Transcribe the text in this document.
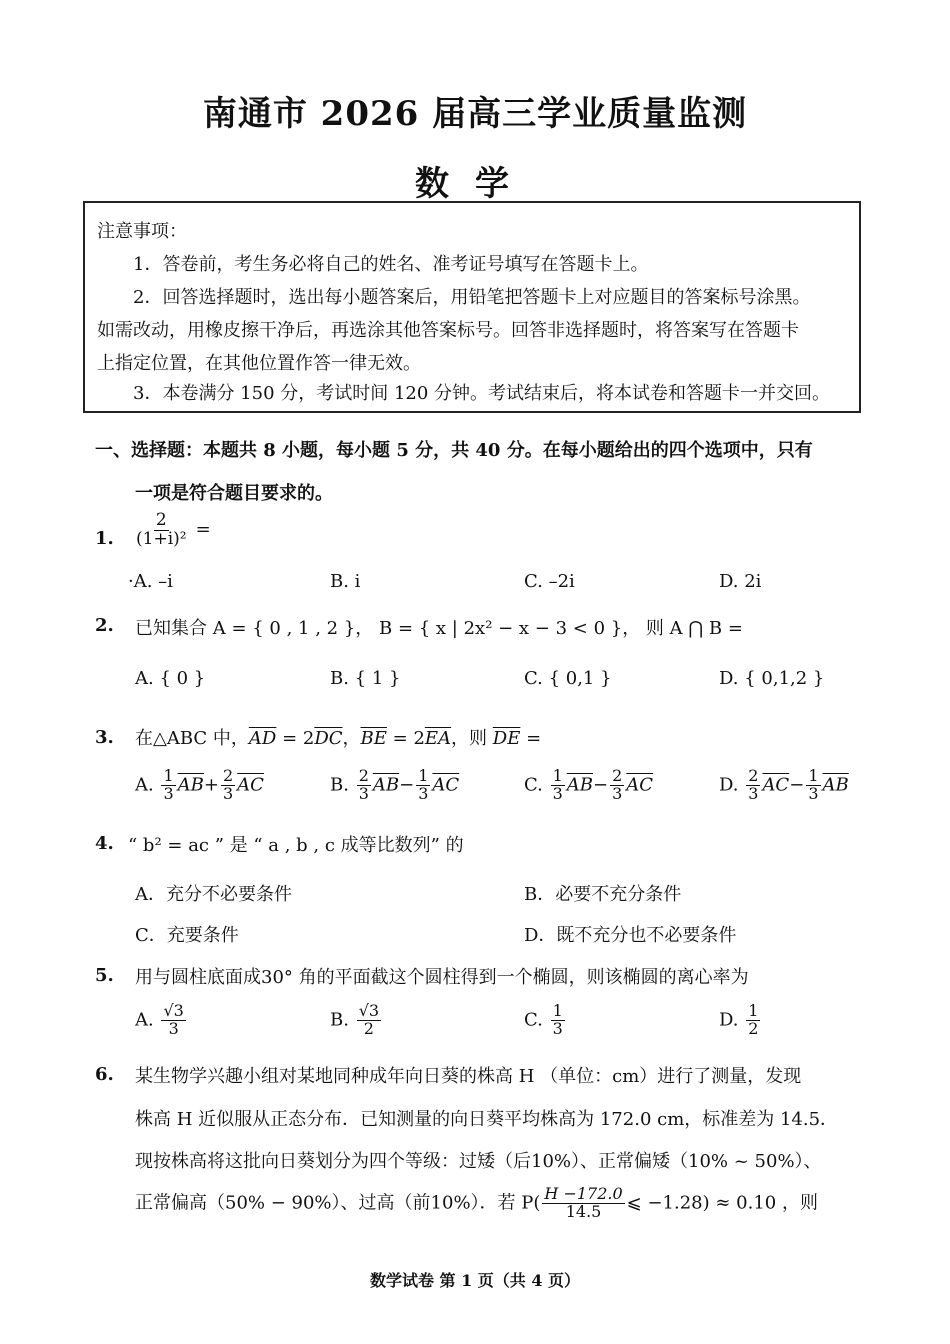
南通市 2026 届高三学业质量监测
数学
注意事项：
1．答卷前，考生务必将自己的姓名、准考证号填写在答题卡上。
2．回答选择题时，选出每小题答案后，用铅笔把答题卡上对应题目的答案标号涂黑。
如需改动，用橡皮擦干净后，再选涂其他答案标号。回答非选择题时，将答案写在答题卡
上指定位置，在其他位置作答一律无效。
3．本卷满分 150 分，考试时间 120 分钟。考试结束后，将本试卷和答题卡一并交回。
一、选择题：本题共 8 小题，每小题 5 分，共 40 分。在每小题给出的四个选项中，只有
一项是符合题目要求的。
1. $\frac{2}{\text{(1+i)²}}$ =
·A. –i	B. i	C. –2i	D. 2i
2. 已知集合 A = { 0 , 1 , 2 }， B = { x | 2x² − x − 3 < 0 }， 则 A ⋂ B =
A. { 0 }	B. { 1 }	C. { 0,1 }	D. { 0,1,2 }
3. 在△ABC 中，$\overline{AD} = 2\overline{DC}$，$\overline{BE} = 2\overline{EA}$，则 $\overline{DE}$ =
A. $\frac{1}{3} \overline{AB}+ \frac{2}{3} \overline{AC}$	B. $\frac{2}{3} \overline{AB}- \frac{1}{3} \overline{AC}$	C. $\frac{1}{3} \overline{AB}- \frac{2}{3} \overline{AC}$	D. $\frac{2}{3} \overline{AC}- \frac{1}{3} \overline{AB}$
4. “ b² = ac ” 是 “ a , b , c 成等比数列” 的
A．充分不必要条件	B．必要不充分条件
C．充要条件	D．既不充分也不必要条件
5. 用与圆柱底面成30° 角的平面截这个圆柱得到一个椭圆，则该椭圆的离心率为
A. $\frac{√3}{3}$	B. $\frac{√3}{2}$	C. $\frac{1}{3}$	D. $\frac{1}{2}$
6. 某生物学兴趣小组对某地同种成年向日葵的株高 H （单位：cm）进行了测量，发现
株高 H 近似服从正态分布．已知测量的向日葵平均株高为 172.0 cm，标准差为 14.5．
现按株高将这批向日葵划分为四个等级：过矮（后10%）、正常偏矮（10% ~ 50%）、
正常偏高（50% − 90%）、过高（前10%）．若 $P( \frac{H -172.0}{14.5}$ ⩽ −1.28) ≈ 0.10 ，则
数学试卷 第 1 页（共 4 页）
